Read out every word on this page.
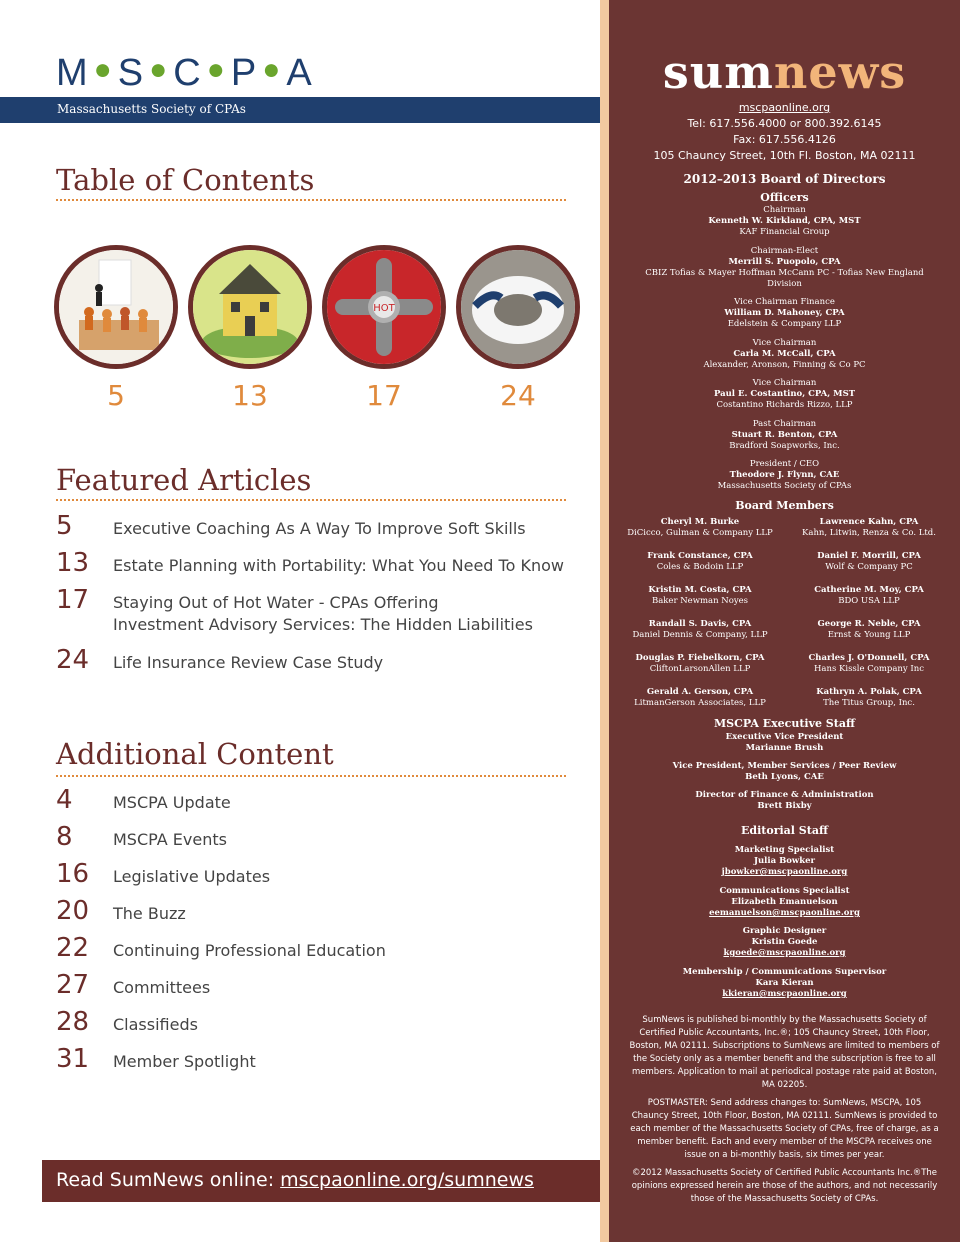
M ● S ● C ● P ● A
Massachusetts Society of CPAs
Table of Contents
5	13
HOT
17	24
Featured Articles
5	Executive Coaching As A Way To Improve Soft Skills
13	Estate Planning with Portability: What You Need To Know
17	Staying Out of Hot Water - CPAs Offering Investment Advisory Services: The Hidden Liabilities
24	Life Insurance Review Case Study
Additional Content
4	MSCPA Update
8	MSCPA Events
16	Legislative Updates
20	The Buzz
22	Continuing Professional Education
27	Committees
28	Classifieds
31	Member Spotlight
Read SumNews online: mscpaonline.org/sumnews
sumnews
mscpaonline.org
Tel: 617.556.4000 or 800.392.6145
Fax: 617.556.4126
105 Chauncy Street, 10th Fl. Boston, MA 02111
2012–2013 Board of Directors
Officers
Chairman
Kenneth W. Kirkland, CPA, MST
KAF Financial Group
Chairman-Elect
Merrill S. Puopolo, CPA
CBIZ Tofias & Mayer Hoffman McCann PC - Tofias New England Division
Vice Chairman Finance
William D. Mahoney, CPA
Edelstein & Company LLP
Vice Chairman
Carla M. McCall, CPA
Alexander, Aronson, Finning & Co PC
Vice Chairman
Paul E. Costantino, CPA, MST
Costantino Richards Rizzo, LLP
Past Chairman
Stuart R. Benton, CPA
Bradford Soapworks, Inc.
President / CEO
Theodore J. Flynn, CAE
Massachusetts Society of CPAs
Board Members
Cheryl M. Burke
DiCicco, Gulman & Company LLP
Lawrence Kahn, CPA
Kahn, Litwin, Renza & Co. Ltd.
Frank Constance, CPA
Coles & Bodoin LLP
Daniel F. Morrill, CPA
Wolf & Company PC
Kristin M. Costa, CPA
Baker Newman Noyes
Catherine M. Moy, CPA
BDO USA LLP
Randall S. Davis, CPA
Daniel Dennis & Company, LLP
George R. Neble, CPA
Ernst & Young LLP
Douglas P. Fiebelkorn, CPA
CliftonLarsonAllen LLP
Charles J. O'Donnell, CPA
Hans Kissle Company Inc
Gerald A. Gerson, CPA
LitmanGerson Associates, LLP
Kathryn A. Polak, CPA
The Titus Group, Inc.
MSCPA Executive Staff
Executive Vice President
Marianne Brush
Vice President, Member Services / Peer Review
Beth Lyons, CAE
Director of Finance & Administration
Brett Bixby
Editorial Staff
Marketing Specialist
Julia Bowker
jbowker@mscpaonline.org
Communications Specialist
Elizabeth Emanuelson
eemanuelson@mscpaonline.org
Graphic Designer
Kristin Goede
kgoede@mscpaonline.org
Membership / Communications Supervisor
Kara Kieran
kkieran@mscpaonline.org
SumNews is published bi-monthly by the Massachusetts Society of Certified Public Accountants, Inc.®; 105 Chauncy Street, 10th Floor, Boston, MA 02111. Subscriptions to SumNews are limited to members of the Society only as a member benefit and the subscription is free to all members. Application to mail at periodical postage rate paid at Boston, MA 02205.
POSTMASTER: Send address changes to: SumNews, MSCPA, 105 Chauncy Street, 10th Floor, Boston, MA 02111. SumNews is provided to each member of the Massachusetts Society of CPAs, free of charge, as a member benefit. Each and every member of the MSCPA receives one issue on a bi-monthly basis, six times per year.
©2012 Massachusetts Society of Certified Public Accountants Inc.®The opinions expressed herein are those of the authors, and not necessarily those of the Massachusetts Society of CPAs.
